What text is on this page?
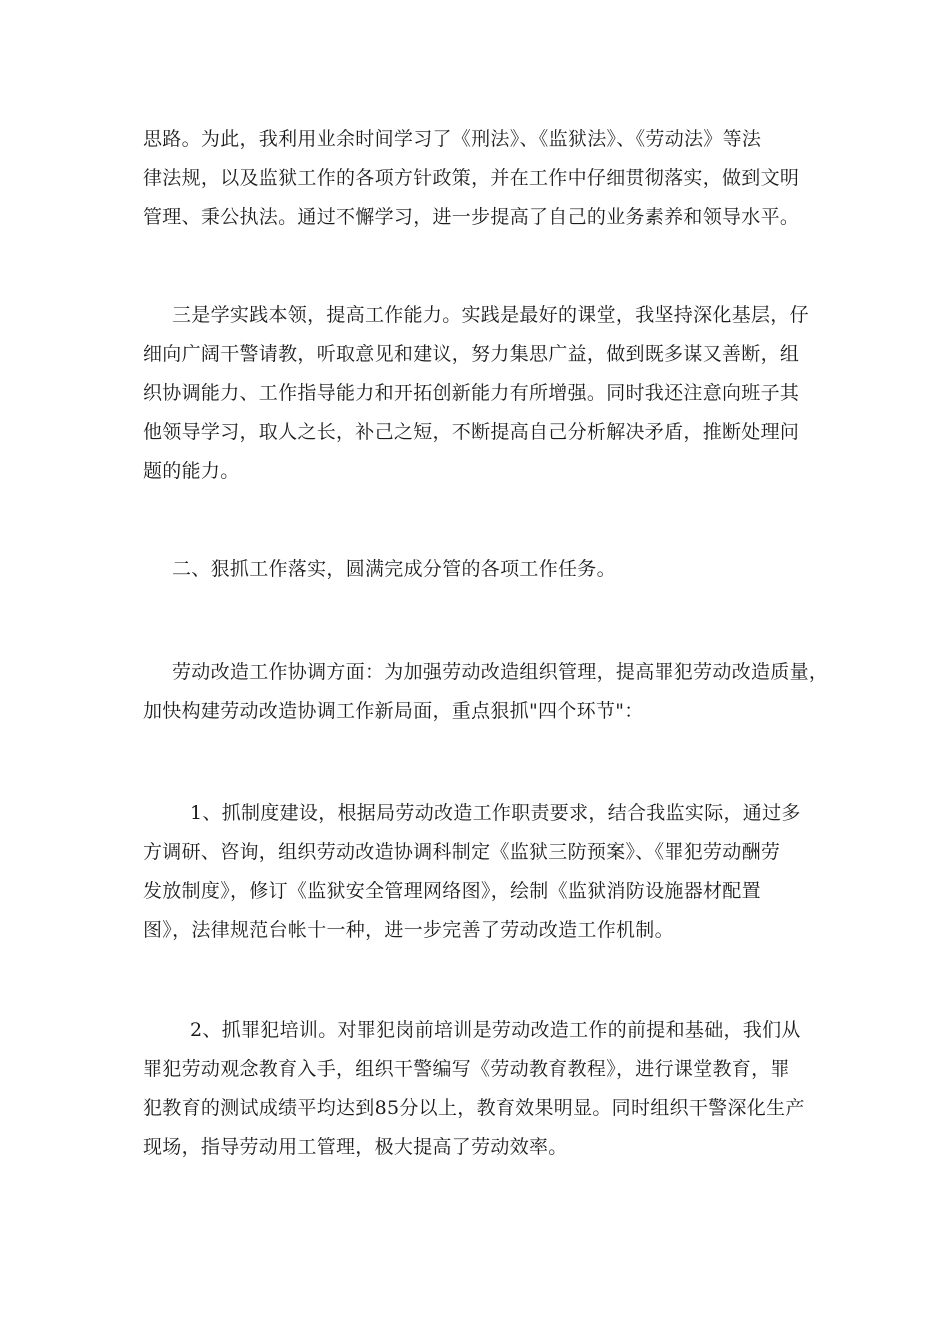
思路。为此，我利用业余时间学习了《刑法》、《监狱法》、《劳动法》等法
律法规，以及监狱工作的各项方针政策，并在工作中仔细贯彻落实，做到文明
管理、秉公执法。通过不懈学习，进一步提高了自己的业务素养和领导水平。
三是学实践本领，提高工作能力。实践是最好的课堂，我坚持深化基层，仔
细向广阔干警请教，听取意见和建议，努力集思广益，做到既多谋又善断，组
织协调能力、工作指导能力和开拓创新能力有所增强。同时我还注意向班子其
他领导学习，取人之长，补己之短，不断提高自己分析解决矛盾，推断处理问
题的能力。
二、狠抓工作落实，圆满完成分管的各项工作任务。
劳动改造工作协调方面：为加强劳动改造组织管理，提高罪犯劳动改造质量，
加快构建劳动改造协调工作新局面，重点狠抓"四个环节"：
1、抓制度建设，根据局劳动改造工作职责要求，结合我监实际，通过多
方调研、咨询，组织劳动改造协调科制定《监狱三防预案》、《罪犯劳动酬劳
发放制度》，修订《监狱安全管理网络图》，绘制《监狱消防设施器材配置
图》，法律规范台帐十一种，进一步完善了劳动改造工作机制。
2、抓罪犯培训。对罪犯岗前培训是劳动改造工作的前提和基础，我们从
罪犯劳动观念教育入手，组织干警编写《劳动教育教程》，进行课堂教育，罪
犯教育的测试成绩平均达到85分以上，教育效果明显。同时组织干警深化生产
现场，指导劳动用工管理，极大提高了劳动效率。
